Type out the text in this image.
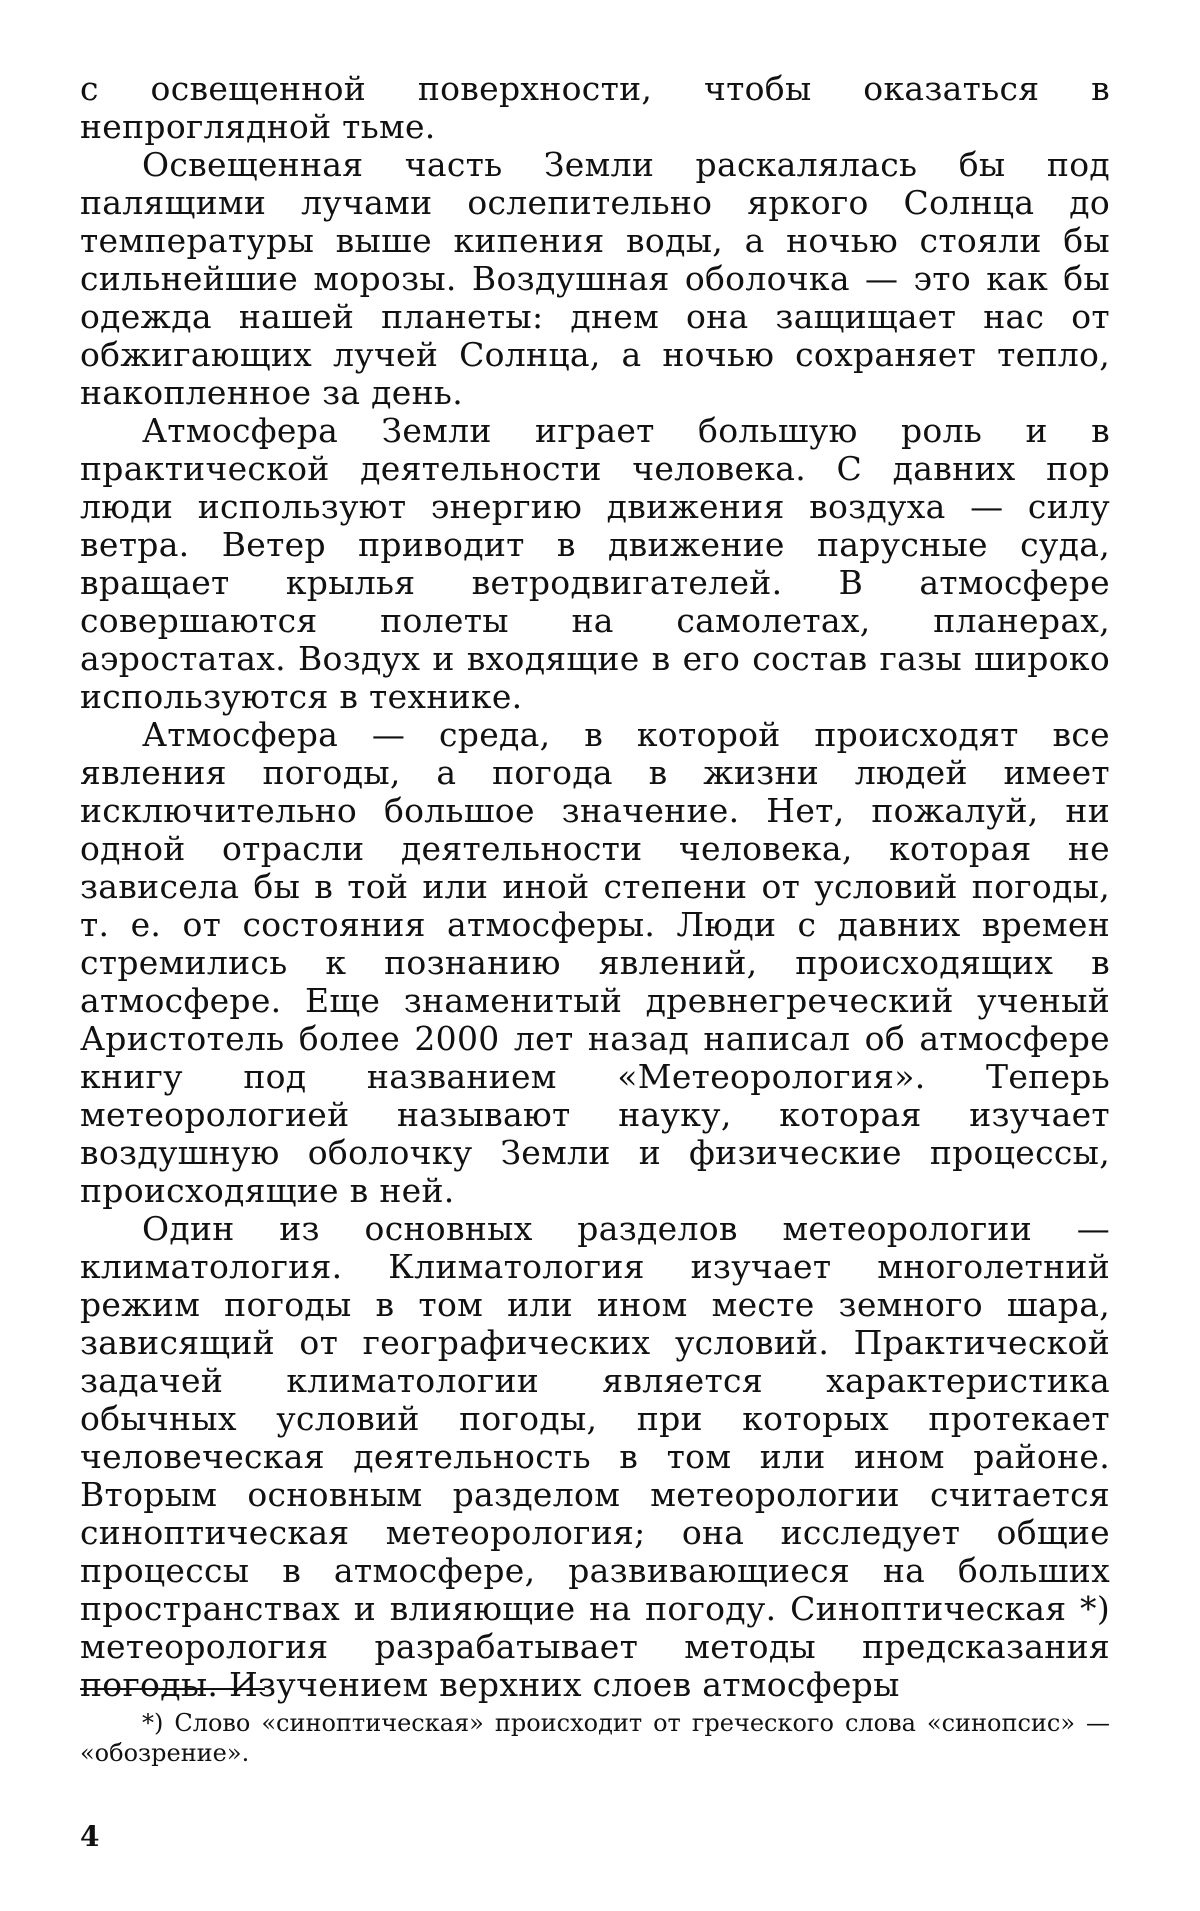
с освещенной поверхности, чтобы оказаться в непроглядной тьме.

Освещенная часть Земли раскалялась бы под палящими лучами ослепительно яркого Солнца до температуры выше кипения воды, а ночью стояли бы сильнейшие морозы. Воздушная оболочка — это как бы одежда нашей планеты: днем она защищает нас от обжигающих лучей Солнца, а ночью сохраняет тепло, накопленное за день.

Атмосфера Земли играет большую роль и в практической деятельности человека. С давних пор люди используют энергию движения воздуха — силу ветра. Ветер приводит в движение парусные суда, вращает крылья ветродвигателей. В атмосфере совершаются полеты на самолетах, планерах, аэростатах. Воздух и входящие в его состав газы широко используются в технике.

Атмосфера — среда, в которой происходят все явления погоды, а погода в жизни людей имеет исключительно большое значение. Нет, пожалуй, ни одной отрасли деятельности человека, которая не зависела бы в той или иной степени от условий погоды, т. е. от состояния атмосферы. Люди с давних времен стремились к познанию явлений, происходящих в атмосфере. Еще знаменитый древнегреческий ученый Аристотель более 2000 лет назад написал об атмосфере книгу под названием «Метеорология». Теперь метеорологией называют науку, которая изучает воздушную оболочку Земли и физические процессы, происходящие в ней.

Один из основных разделов метеорологии — климатология. Климатология изучает многолетний режим погоды в том или ином месте земного шара, зависящий от географических условий. Практической задачей климатологии является характеристика обычных условий погоды, при которых протекает человеческая деятельность в том или ином районе. Вторым основным разделом метеорологии считается синоптическая метеорология; она исследует общие процессы в атмосфере, развивающиеся на больших пространствах и влияющие на погоду. Синоптическая *) метеорология разрабатывает методы предсказания погоды. Изучением верхних слоев атмосферы

*) Слово «синоптическая» происходит от греческого слова «синопсис» — «обозрение».

4
